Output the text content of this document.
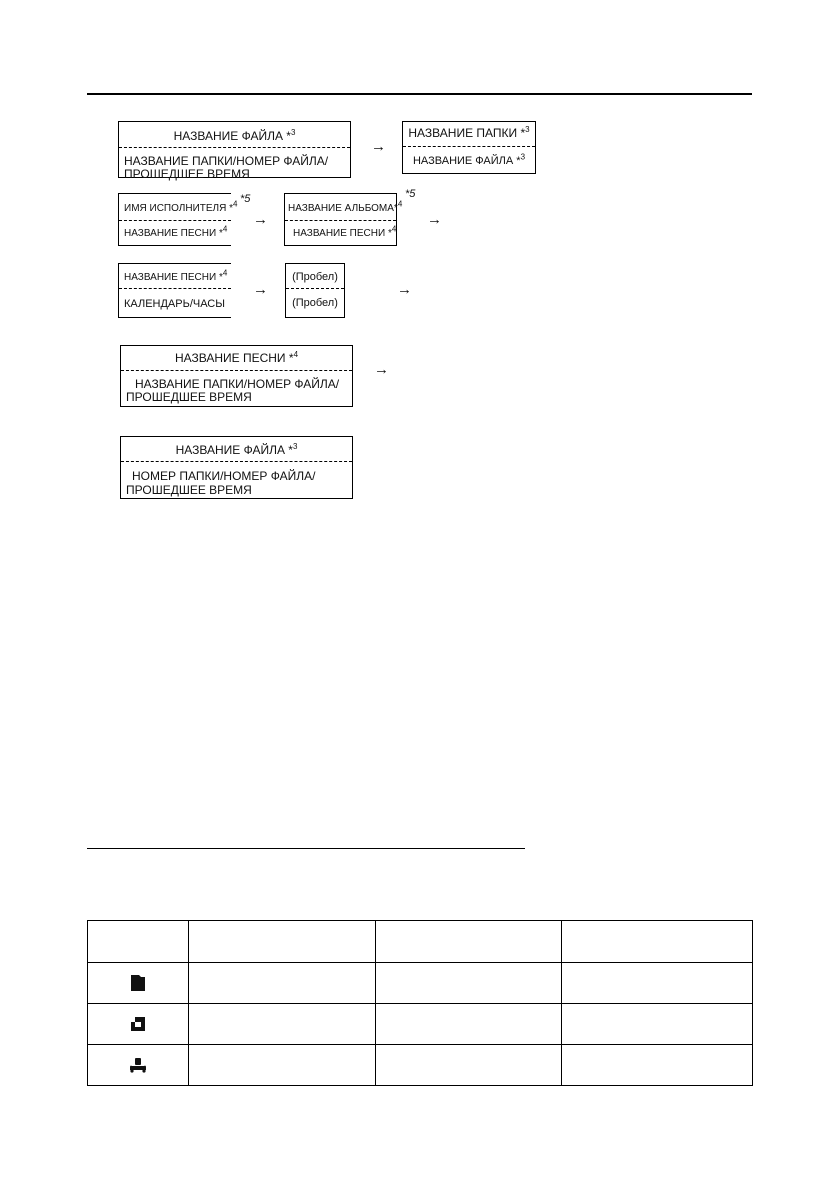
НАЗВАНИЕ ФАЙЛА *$^3$
НАЗВАНИЕ ПАПКИ/НОМЕР ФАЙЛА/
ПРОШЕДШЕЕ ВРЕМЯ
→
НАЗВАНИЕ ПАПКИ *$^3$
НАЗВАНИЕ ФАЙЛА *$^3$
ИМЯ ИСПОЛНИТЕЛЯ *$^4$
НАЗВАНИЕ ПЕСНИ *$^4$
*5
→
НАЗВАНИЕ АЛЬБОМА*$^4$
НАЗВАНИЕ ПЕСНИ *$^4$
*5
→
НАЗВАНИЕ ПЕСНИ *$^4$
КАЛЕНДАРЬ/ЧАСЫ
→
(Пробел)
(Пробел)
→
НАЗВАНИЕ ПЕСНИ *$^4$
НАЗВАНИЕ ПАПКИ/НОМЕР ФАЙЛА/
ПРОШЕДШЕЕ ВРЕМЯ
→
НАЗВАНИЕ ФАЙЛА *$^3$
НОМЕР ПАПКИ/НОМЕР ФАЙЛА/
ПРОШЕДШЕЕ ВРЕМЯ
